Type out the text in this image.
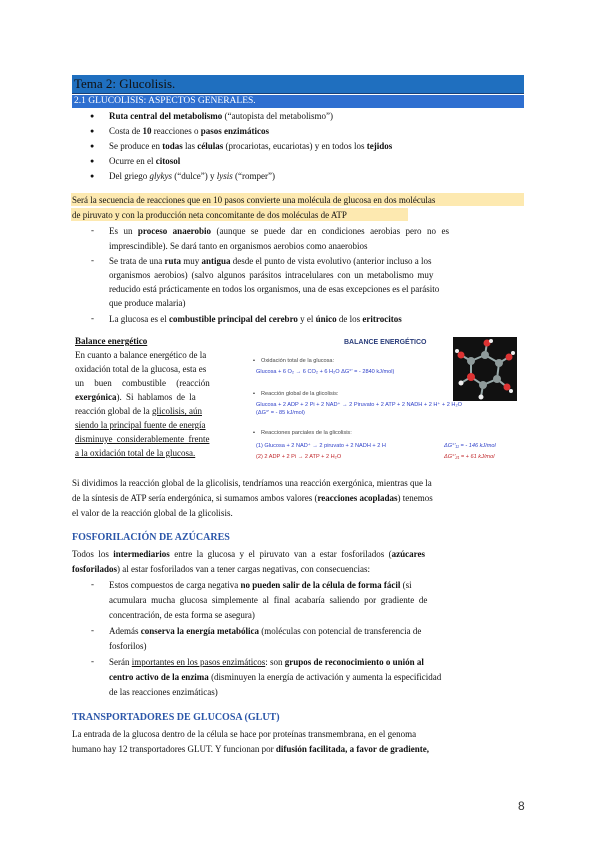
Tema 2: Glucolisis.
2.1 GLUCOLISIS: ASPECTOS GENERALES.
● Ruta central del metabolismo (“autopista del metabolismo”)
● Costa de 10 reacciones o pasos enzimáticos
● Se produce en todas las células (procariotas, eucariotas) y en todos los tejidos
● Ocurre en el citosol
● Del griego glykys (“dulce”) y lysis (“romper”)
Será la secuencia de reacciones que en 10 pasos convierte una molécula de glucosa en dos moléculas
de piruvato y con la producción neta concomitante de dos moléculas de ATP
- Es un proceso anaerobio (aunque se puede dar en condiciones aerobias pero no es
imprescindible). Se dará tanto en organismos aerobios como anaerobios
- Se trata de una ruta muy antigua desde el punto de vista evolutivo (anterior incluso a los
organismos aerobios) (salvo algunos parásitos intracelulares con un metabolismo muy
reducido está prácticamente en todos los organismos, una de esas excepciones es el parásito
que produce malaria)
- La glucosa es el combustible principal del cerebro y el único de los eritrocitos
Balance energético
En cuanto a balance energético de la
oxidación total de la glucosa, esta es
un buen combustible (reacción
exergónica). Si hablamos de la
reacción global de la glicolisis, aún
siendo la principal fuente de energía
disminuye considerablemente frente
a la oxidación total de la glucosa.
BALANCE ENERGÉTICO
• Oxidación total de la glucosa:
Glucosa + 6 O₂ → 6 CO₂ + 6 H₂O ΔG°' = - 2840 kJ/mol)
• Reacción global de la glicolisis:
Glucosa + 2 ADP + 2 Pi + 2 NAD⁺ → 2 Piruvato + 2 ATP + 2 NADH + 2 H⁺ + 2 H₂O
(ΔG°' = - 85 kJ/mol)
• Reacciones parciales de la glicolisis:
(1) Glucosa + 2 NAD⁺ → 2 piruvato + 2 NADH + 2 H	ΔG°'₁₁ = - 146 kJ/mol
(2) 2 ADP + 2 Pi → 2 ATP + 2 H₂O	ΔG°'₂₁ = + 61 kJ/mol
Si dividimos la reacción global de la glicolisis, tendríamos una reacción exergónica, mientras que la
de la síntesis de ATP sería endergónica, si sumamos ambos valores (reacciones acopladas) tenemos
el valor de la reacción global de la glicolisis.
FOSFORILACIÓN DE AZÚCARES
Todos los intermediarios entre la glucosa y el piruvato van a estar fosforilados (azúcares
fosforilados) al estar fosforilados van a tener cargas negativas, con consecuencias:
- Estos compuestos de carga negativa no pueden salir de la célula de forma fácil (si
acumulara mucha glucosa simplemente al final acabaría saliendo por gradiente de
concentración, de esta forma se asegura)
- Además conserva la energía metabólica (moléculas con potencial de transferencia de
fosforilos)
- Serán importantes en los pasos enzimáticos: son grupos de reconocimiento o unión al
centro activo de la enzima (disminuyen la energía de activación y aumenta la especificidad
de las reacciones enzimáticas)
TRANSPORTADORES DE GLUCOSA (GLUT)
La entrada de la glucosa dentro de la célula se hace por proteínas transmembrana, en el genoma
humano hay 12 transportadores GLUT. Y funcionan por difusión facilitada, a favor de gradiente,
8
